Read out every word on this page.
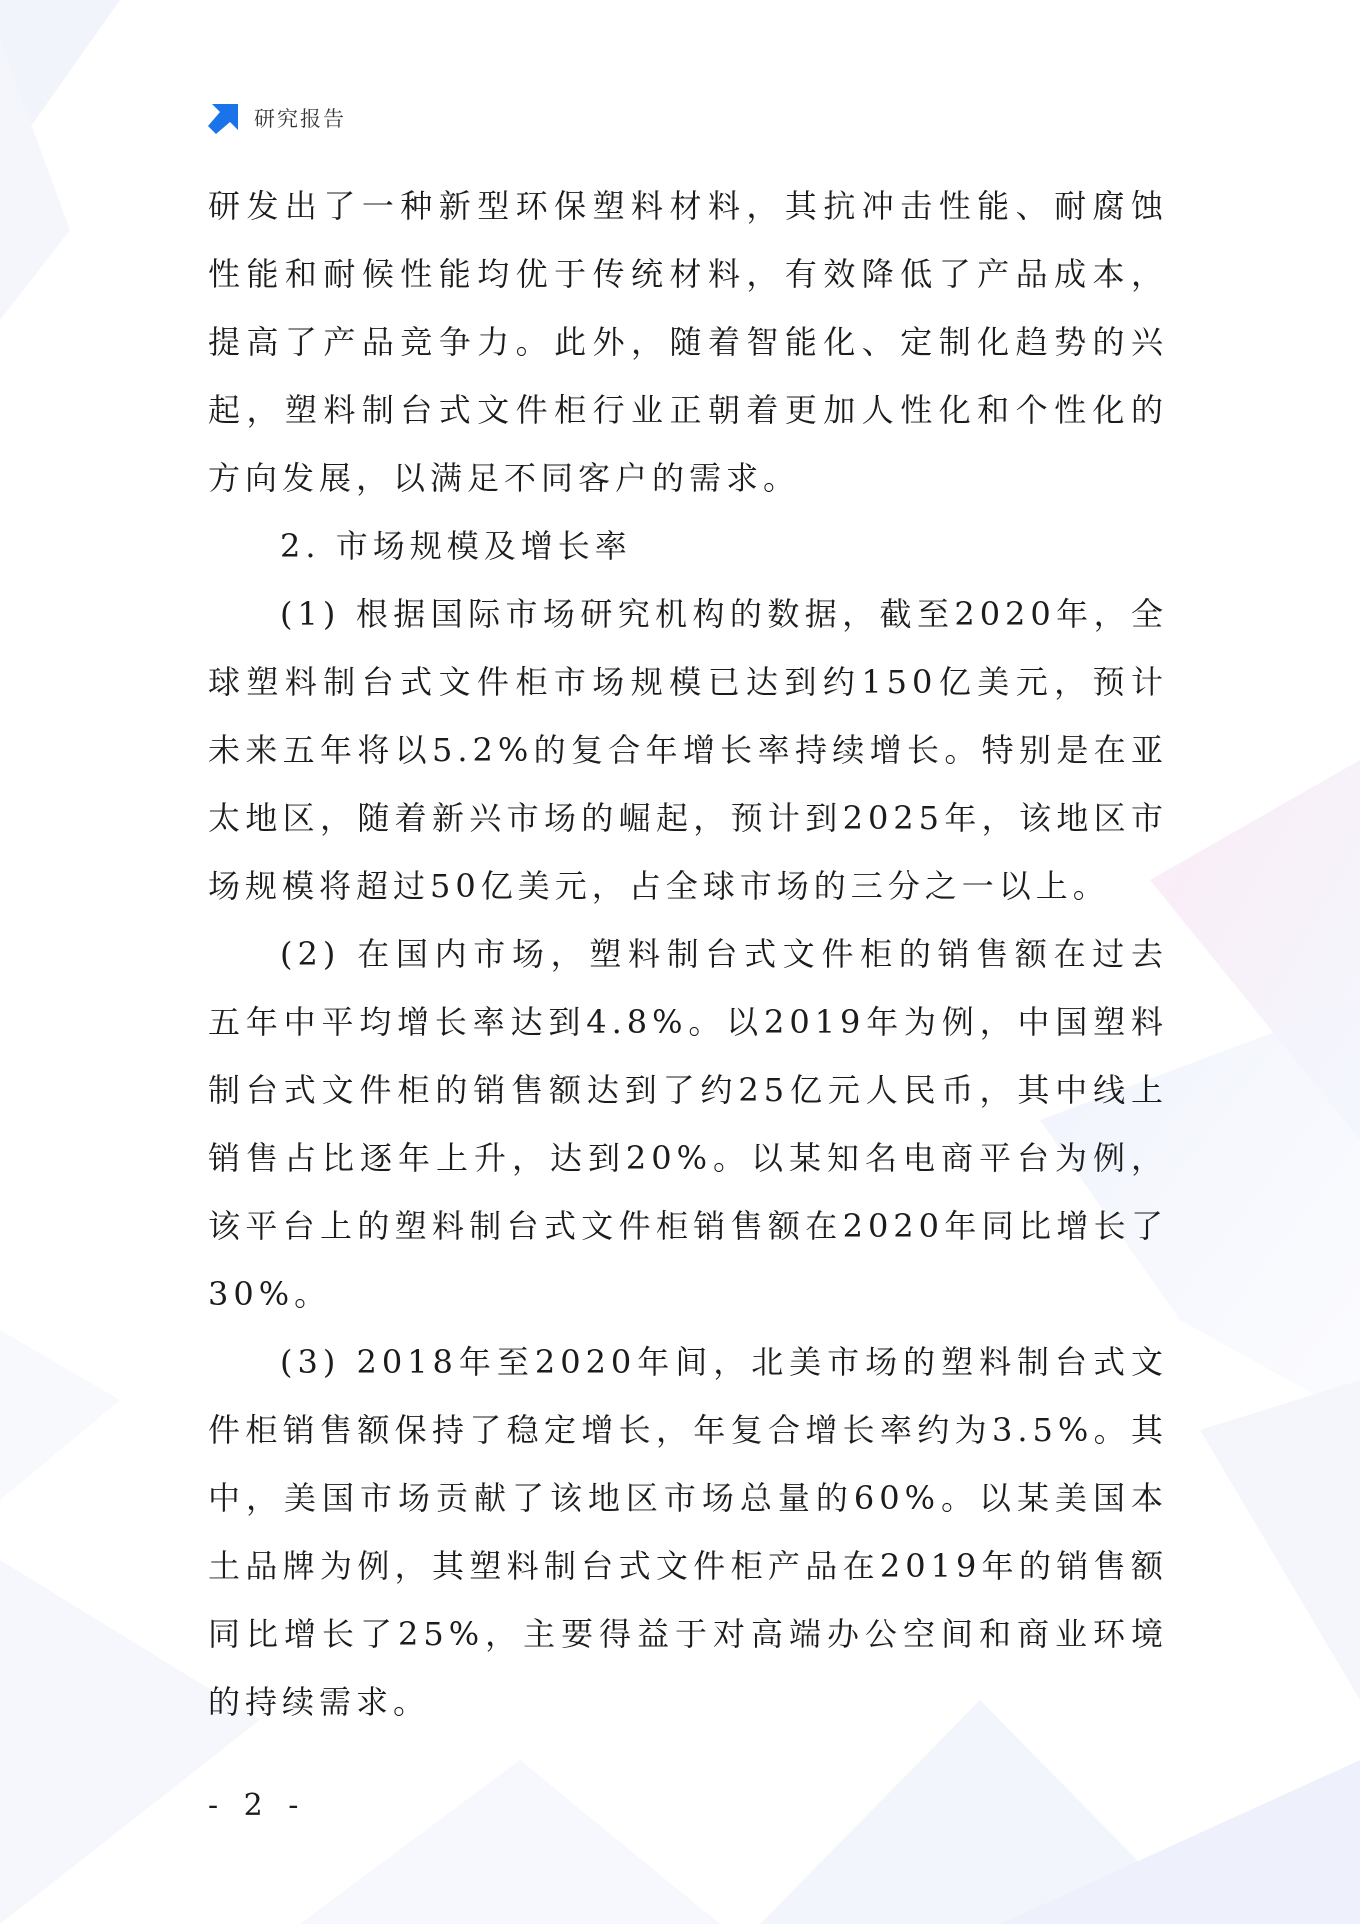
研究报告

研发出了一种新型环保塑料材料，其抗冲击性能、耐腐蚀性能和耐候性能均优于传统材料，有效降低了产品成本，提高了产品竞争力。此外，随着智能化、定制化趋势的兴起，塑料制台式文件柜行业正朝着更加人性化和个性化的方向发展，以满足不同客户的需求。

2. 市场规模及增长率

(1) 根据国际市场研究机构的数据，截至2020年，全球塑料制台式文件柜市场规模已达到约150亿美元，预计未来五年将以5.2%的复合年增长率持续增长。特别是在亚太地区，随着新兴市场的崛起，预计到2025年，该地区市场规模将超过50亿美元，占全球市场的三分之一以上。

(2) 在国内市场，塑料制台式文件柜的销售额在过去五年中平均增长率达到4.8%。以2019年为例，中国塑料制台式文件柜的销售额达到了约25亿元人民币，其中线上销售占比逐年上升，达到20%。以某知名电商平台为例，该平台上的塑料制台式文件柜销售额在2020年同比增长了30%。

(3) 2018年至2020年间，北美市场的塑料制台式文件柜销售额保持了稳定增长，年复合增长率约为3.5%。其中，美国市场贡献了该地区市场总量的60%。以某美国本土品牌为例，其塑料制台式文件柜产品在2019年的销售额同比增长了25%，主要得益于对高端办公空间和商业环境的持续需求。

- 2 -
